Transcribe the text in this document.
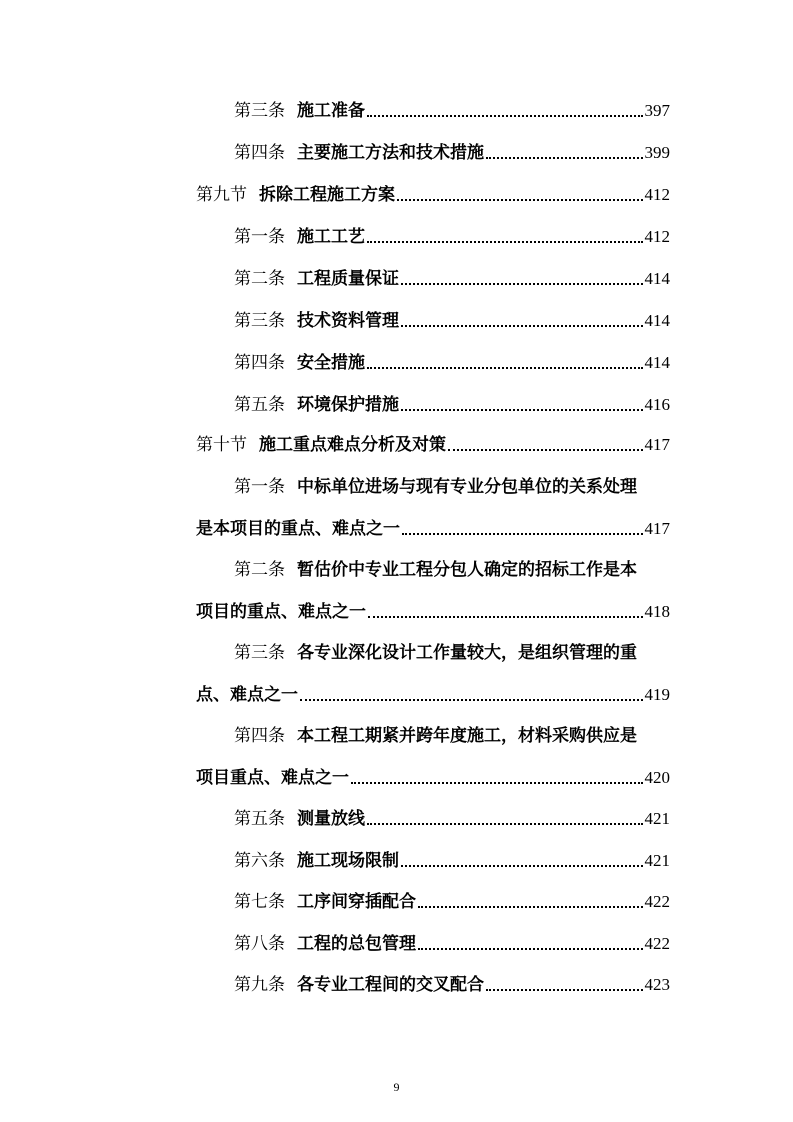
第三条 施工准备	397
第四条 主要施工方法和技术措施	399
第九节 拆除工程施工方案	412
第一条 施工工艺	412
第二条 工程质量保证	414
第三条 技术资料管理	414
第四条 安全措施	414
第五条 环境保护措施	416
第十节 施工重点难点分析及对策	417
第一条 中标单位进场与现有专业分包单位的关系处理
是本项目的重点、难点之一	417
第二条 暂估价中专业工程分包人确定的招标工作是本
项目的重点、难点之一	418
第三条 各专业深化设计工作量较大，是组织管理的重
点、难点之一	419
第四条 本工程工期紧并跨年度施工，材料采购供应是
项目重点、难点之一	420
第五条 测量放线	421
第六条 施工现场限制	421
第七条 工序间穿插配合	422
第八条 工程的总包管理	422
第九条 各专业工程间的交叉配合	423
9
